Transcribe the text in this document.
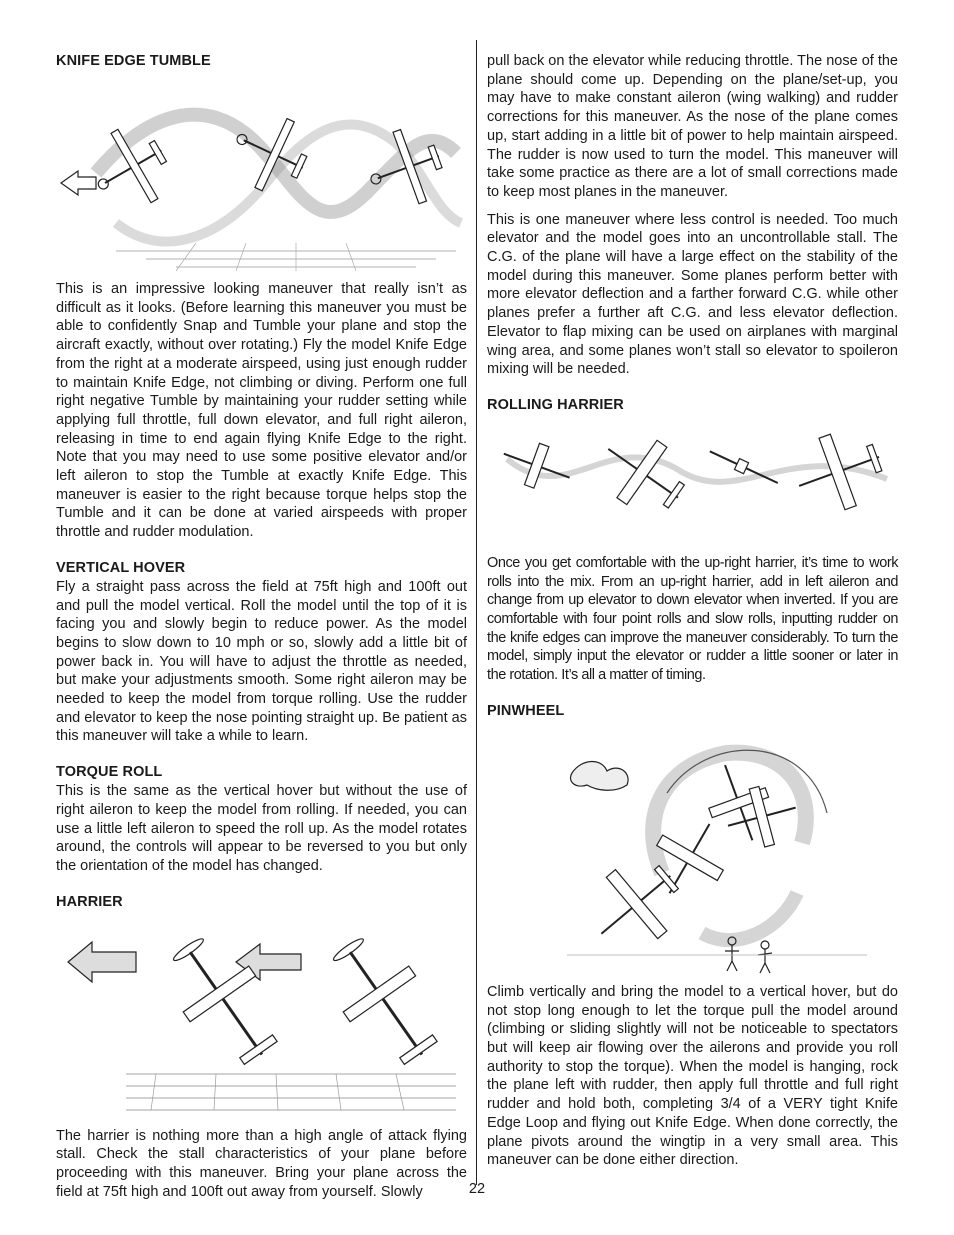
KNIFE EDGE TUMBLE

This is an impressive looking maneuver that really isn’t as difficult as it looks. (Before learning this maneuver you must be able to confidently Snap and Tumble your plane and stop the aircraft exactly, without over rotating.) Fly the model Knife Edge from the right at a moderate airspeed, using just enough rudder to maintain Knife Edge, not climbing or diving. Perform one full right negative Tumble by maintaining your rudder setting while applying full throttle, full down elevator, and full right aileron, releasing in time to end again flying Knife Edge to the right. Note that you may need to use some positive elevator and/or left aileron to stop the Tumble at exactly Knife Edge. This maneuver is easier to the right because torque helps stop the Tumble and it can be done at varied airspeeds with proper throttle and rudder modulation.

VERTICAL HOVER

Fly a straight pass across the field at 75ft high and 100ft out and pull the model vertical. Roll the model until the top of it is facing you and slowly begin to reduce power. As the model begins to slow down to 10 mph or so, slowly add a little bit of power back in. You will have to adjust the throttle as needed, but make your adjustments smooth. Some right aileron may be needed to keep the model from torque rolling. Use the rudder and elevator to keep the nose pointing straight up. Be patient as this maneuver will take a while to learn.

TORQUE ROLL

This is the same as the vertical hover but without the use of right aileron to keep the model from rolling. If needed, you can use a little left aileron to speed the roll up. As the model rotates around, the controls will appear to be reversed to you but only the orientation of the model has changed.

HARRIER

The harrier is nothing more than a high angle of attack flying stall. Check the stall characteristics of your plane before proceeding with this maneuver. Bring your plane across the field at 75ft high and 100ft out away from yourself. Slowly

pull back on the elevator while reducing throttle. The nose of the plane should come up. Depending on the plane/set-up, you may have to make constant aileron (wing walking) and rudder corrections for this maneuver. As the nose of the plane comes up, start adding in a little bit of power to help maintain airspeed. The rudder is now used to turn the model. This maneuver will take some practice as there are a lot of small corrections made to keep most planes in the maneuver.

This is one maneuver where less control is needed. Too much elevator and the model goes into an uncontrollable stall. The C.G. of the plane will have a large effect on the stability of the model during this maneuver. Some planes perform better with more elevator deflection and a farther forward C.G. while other planes prefer a further aft C.G. and less elevator deflection. Elevator to flap mixing can be used on airplanes with marginal wing area, and some planes won’t stall so elevator to spoileron mixing will be needed.

ROLLING HARRIER

Once you get comfortable with the up-right harrier, it’s time to work rolls into the mix. From an up-right harrier, add in left aileron and change from up elevator to down elevator when inverted. If you are comfortable with four point rolls and slow rolls, inputting rudder on the knife edges can improve the maneuver considerably. To turn the model, simply input the elevator or rudder a little sooner or later in the rotation. It’s all a matter of timing.

PINWHEEL

Climb vertically and bring the model to a vertical hover, but do not stop long enough to let the torque pull the model around (climbing or sliding slightly will not be noticeable to spectators but will keep air flowing over the ailerons and provide you roll authority to stop the torque). When the model is hanging, rock the plane left with rudder, then apply full throttle and full right rudder and hold both, completing 3/4 of a VERY tight Knife Edge Loop and flying out Knife Edge. When done correctly, the plane pivots around the wingtip in a very small area. This maneuver can be done either direction.

22
